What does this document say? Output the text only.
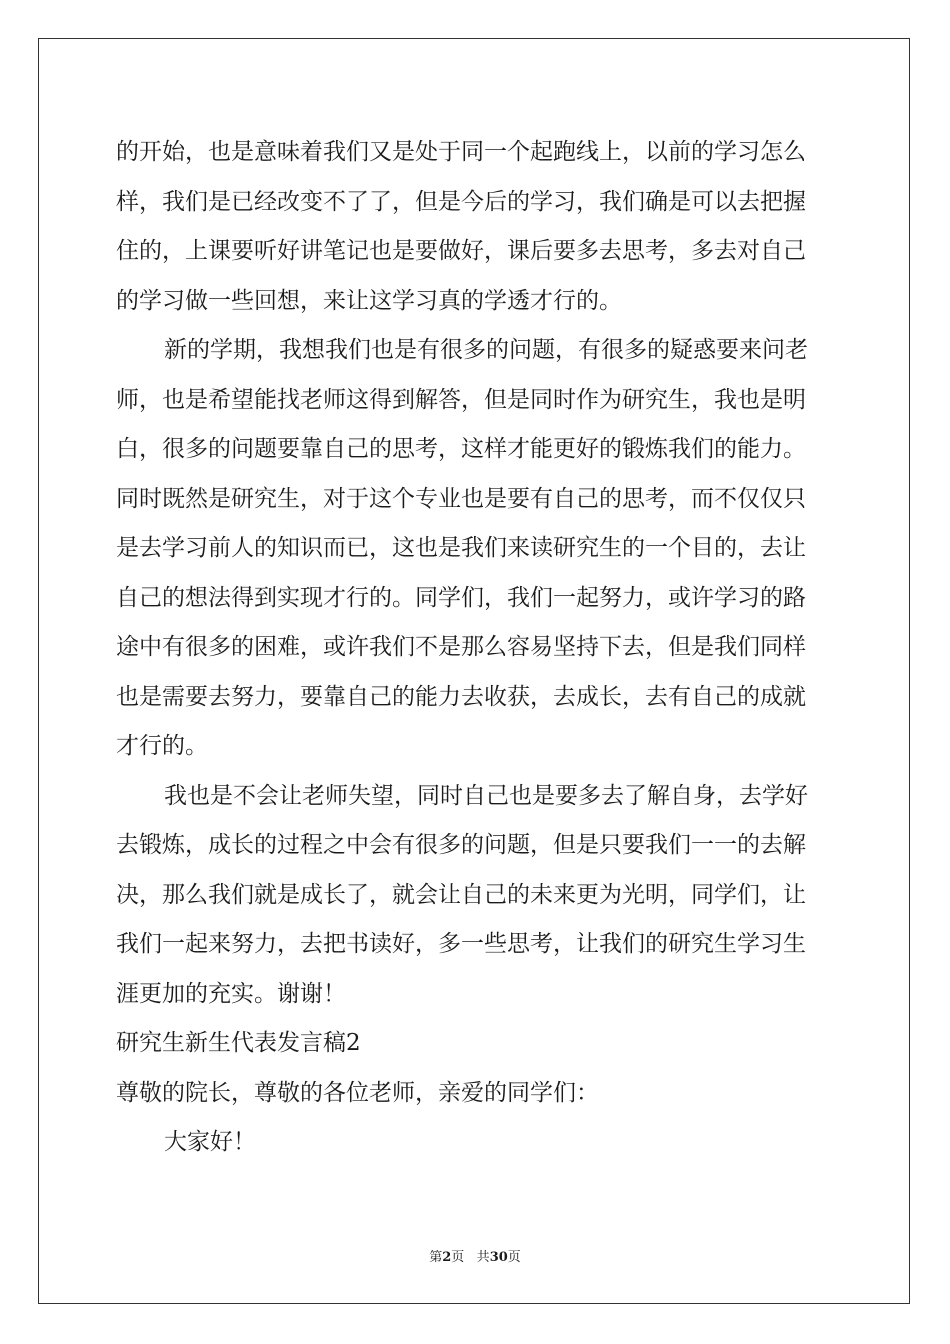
的开始，也是意味着我们又是处于同一个起跑线上，以前的学习怎么
样，我们是已经改变不了了，但是今后的学习，我们确是可以去把握
住的，上课要听好讲笔记也是要做好，课后要多去思考，多去对自己
的学习做一些回想，来让这学习真的学透才行的。
新的学期，我想我们也是有很多的问题，有很多的疑惑要来问老
师，也是希望能找老师这得到解答，但是同时作为研究生，我也是明
白，很多的问题要靠自己的思考，这样才能更好的锻炼我们的能力。
同时既然是研究生，对于这个专业也是要有自己的思考，而不仅仅只
是去学习前人的知识而已，这也是我们来读研究生的一个目的，去让
自己的想法得到实现才行的。同学们，我们一起努力，或许学习的路
途中有很多的困难，或许我们不是那么容易坚持下去，但是我们同样
也是需要去努力，要靠自己的能力去收获，去成长，去有自己的成就
才行的。
我也是不会让老师失望，同时自己也是要多去了解自身，去学好
去锻炼，成长的过程之中会有很多的问题，但是只要我们一一的去解
决，那么我们就是成长了，就会让自己的未来更为光明，同学们，让
我们一起来努力，去把书读好，多一些思考，让我们的研究生学习生
涯更加的充实。谢谢！
研究生新生代表发言稿2
尊敬的院长，尊敬的各位老师，亲爱的同学们：
大家好！
第2页 共30页
